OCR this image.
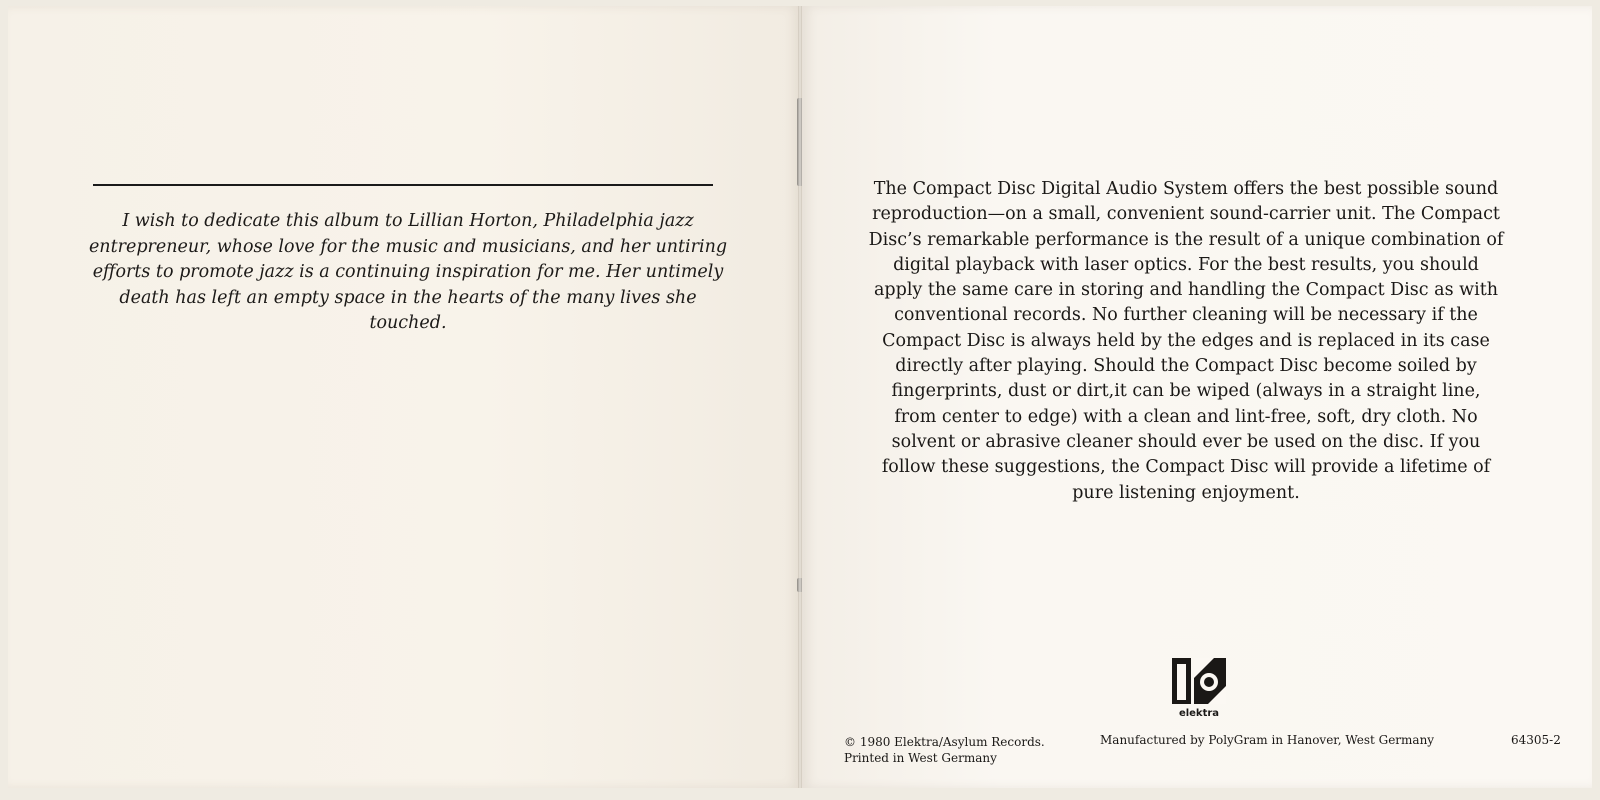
I wish to dedicate this album to Lillian Horton, Philadelphia jazz entrepreneur, whose love for the music and musicians, and her untiring efforts to promote jazz is a continuing inspiration for me. Her untimely death has left an empty space in the hearts of the many lives she touched.

The Compact Disc Digital Audio System offers the best possible sound reproduction—on a small, convenient sound-carrier unit. The Compact Disc’s remarkable performance is the result of a unique combination of digital playback with laser optics. For the best results, you should apply the same care in storing and handling the Compact Disc as with conventional records. No further cleaning will be necessary if the Compact Disc is always held by the edges and is replaced in its case directly after playing. Should the Compact Disc become soiled by fingerprints, dust or dirt,it can be wiped (always in a straight line, from center to edge) with a clean and lint-free, soft, dry cloth. No solvent or abrasive cleaner should ever be used on the disc. If you follow these suggestions, the Compact Disc will provide a lifetime of pure listening enjoyment.

elektra
© 1980 Elektra/Asylum Records.
Printed in West Germany
Manufactured by PolyGram in Hanover, West Germany	64305-2
